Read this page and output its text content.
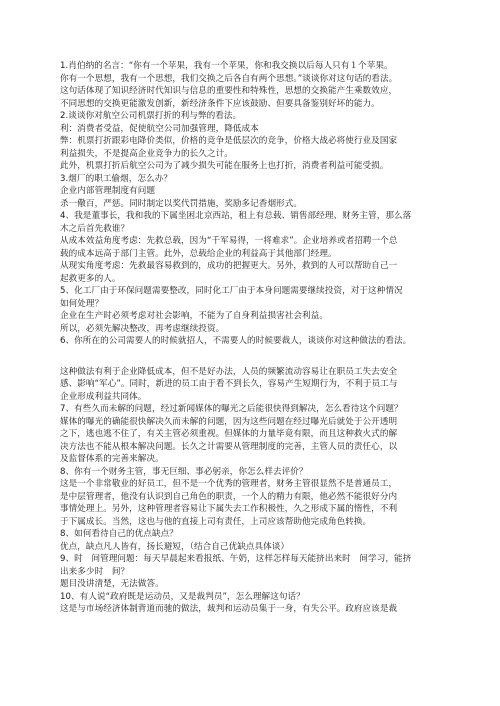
1.肖伯纳的名言：“你有一个苹果，我有一个苹果，你和我交换以后每人只有１个苹果。
你有一个思想，我有一个思想，我们交换之后各自有两个思想。”谈谈你对这句话的看法。
这句话体现了知识经济时代知识与信息的重要性和特殊性，思想的交换能产生乘数效应，
不同思想的交换更能激发创新，新经济条件下应该鼓励、但要具备鉴别好坏的能力。
2.谈谈你对航空公司机票打折的利与弊的看法。
利：消费者受益，促使航空公司加强管理，降低成本
弊：机票打折跟彩电降价类似，价格的竞争是低层次的竞争，价格大战必将使行业及国家
利益损失，不是提高企业竞争力的长久之计。
此外，机票打折后航空公司为了减少损失可能在服务上也打折，消费者利益可能受损。
3.烟厂的职工偷烟，怎么办？
企业内部管理制度有问题
杀一儆百，严惩。同时制定以奖代罚措施，奖励多记香烟形式。
4、我是董事长，我和我的下属坐困北京西站，租上有总载、销售部经理、财务主管，那么落
木之后首先救谁？
从成本效益角度考虑：先救总载，因为“千军易得，一将难求”。企业培养或者招聘一个总
载的成本远高于部门主管。此外，总载给企业的利益高于其他部门经理。
从现实角度考虑：先救最容易救到的，成功的把握更大。另外，救到的人可以帮助自己一
起救更多的人。
5、化工厂由于环保问题需要整改，同时化工厂由于本身问题需要继续投资，对于这种情况
如何处理？
企业在生产时必须考虑对社会影响，不能为了自身利益损害社会利益。
所以，必须先解决整改，再考虑继续投资。
6、你所在的公司需要人的时候就招人，不需要人的时候要裁人，谈谈你对这种做法的看法。
这种做法有利于企业降低成本，但不是好办法，人员的频繁流动容易让在职员工失去安全
感、影响“军心”。同时，新进的员工由于看不到长久，容易产生短期行为，不利于员工与
企业形成利益共同体。
7、有些久而未解的问题，经过新闻媒体的曝光之后能很快得到解决，怎么看待这个问题？
媒体的曝光的确能很快解决久而未解的问题，因为这些问题在经过曝光后就处于公开透明
之下，逃也逃不住了，有关主管必须重视。但媒体的力量毕竟有限，而且这种救火式的解
决方法也不能从根本解决问题。长久之计需要从管理制度的完善，主管人员的责任心，以
及监督体系的完善来解决。
8、你有一个财务主管，事无巨细、事必躬亲，你怎么样去评价？
这是一个非常敬业的好员工，但不是一个优秀的管理者，财务主管很显然不是普通员工，
是中层管理者，他没有认识到自己角色的职责，一个人的精力有限，他必然不能很好分内
事情处理上。另外，这种管理者容易让下属失去工作积极性，久之形成下属的惰性，不利
于下属成长。当然，这也与他的直接上司有责任，上司应该帮助他完成角色转换。
8、如何看待自己的优点缺点？
优点，缺点凡人皆有，扬长避短，（结合自己优缺点具体谈）
9、时　间管理问题：每天早晨起来看报纸、午奶，这样怎样每天能挤出来时　间学习，能挤
出来多少时　间？
题目没讲清楚，无法做答。
10、有人说“政府既是运动员，又是裁判员”，怎么理解这句话？
这是与市场经济体制背道而驰的做法，裁判和运动员集于一身，有失公平。政府应该是裁
